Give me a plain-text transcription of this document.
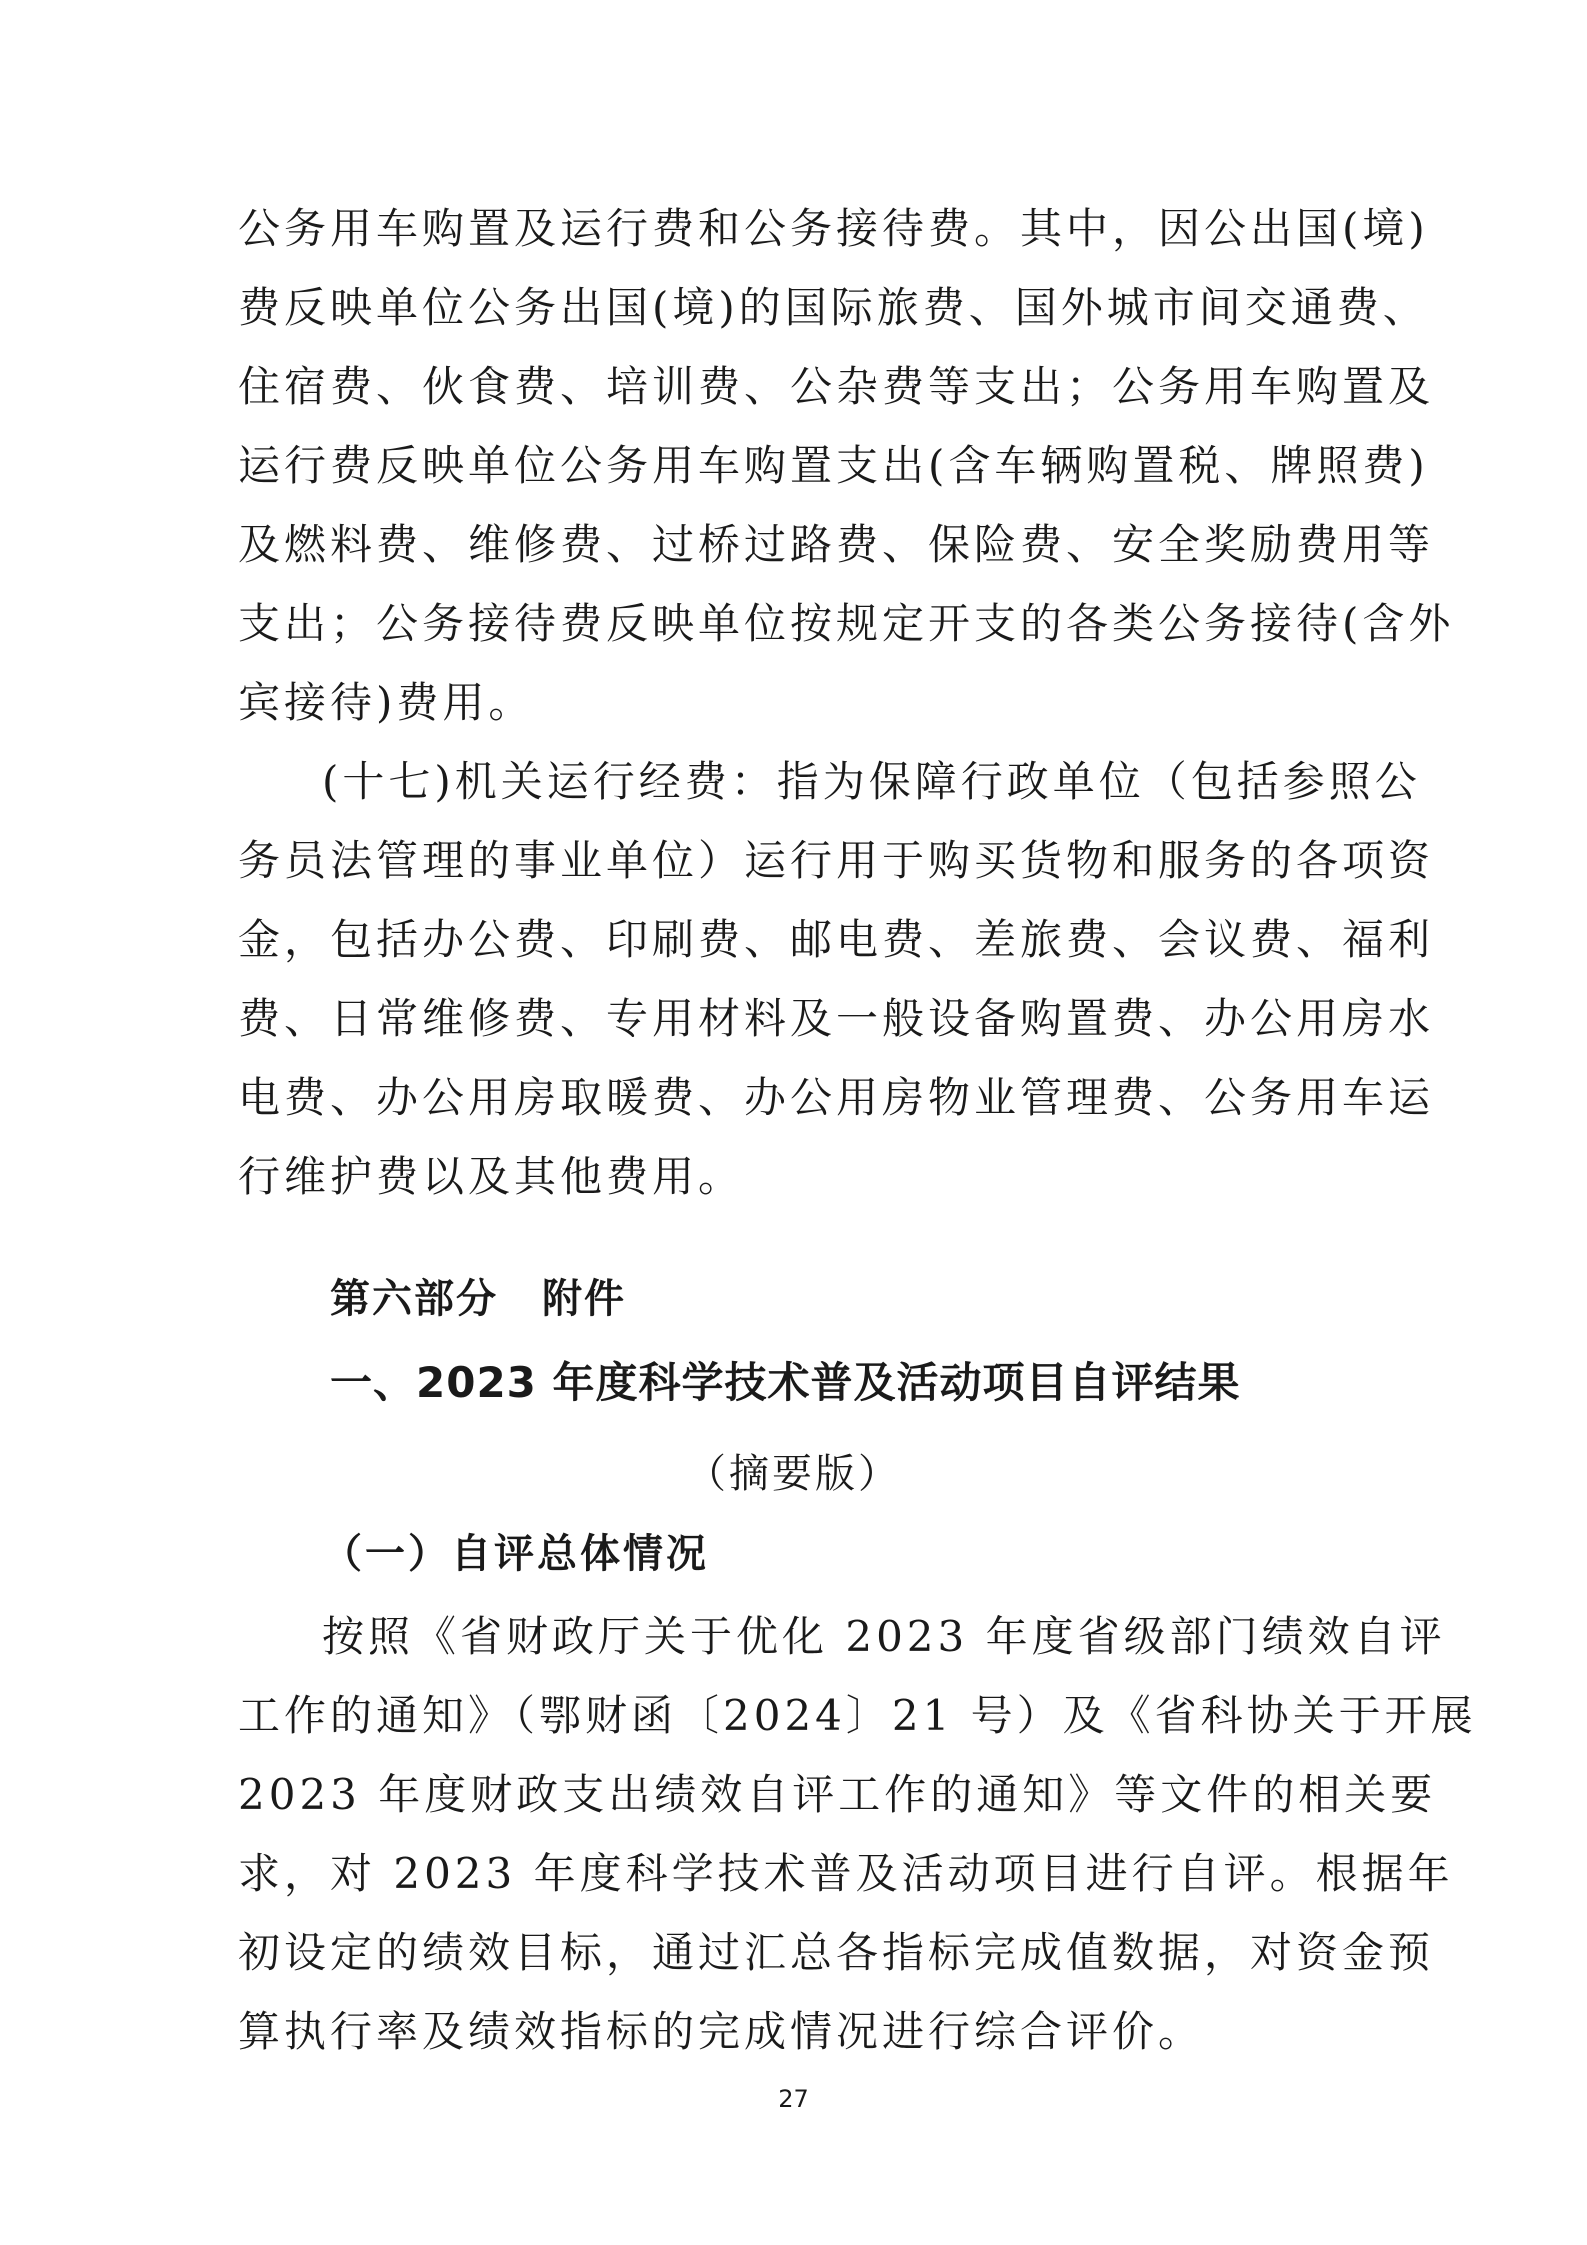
公务用车购置及运行费和公务接待费。其中，因公出国(境)
费反映单位公务出国(境)的国际旅费、国外城市间交通费、
住宿费、伙食费、培训费、公杂费等支出；公务用车购置及
运行费反映单位公务用车购置支出(含车辆购置税、牌照费)
及燃料费、维修费、过桥过路费、保险费、安全奖励费用等
支出；公务接待费反映单位按规定开支的各类公务接待(含外
宾接待)费用。
(十七)机关运行经费：指为保障行政单位（包括参照公
务员法管理的事业单位）运行用于购买货物和服务的各项资
金，包括办公费、印刷费、邮电费、差旅费、会议费、福利
费、日常维修费、专用材料及一般设备购置费、办公用房水
电费、办公用房取暖费、办公用房物业管理费、公务用车运
行维护费以及其他费用。
第六部分 附件
一、2023 年度科学技术普及活动项目自评结果
（摘要版）
（一）自评总体情况
按照《省财政厅关于优化 2023 年度省级部门绩效自评
工作的通知》（鄂财函〔2024〕21 号）及《省科协关于开展
2023 年度财政支出绩效自评工作的通知》等文件的相关要
求，对 2023 年度科学技术普及活动项目进行自评。根据年
初设定的绩效目标，通过汇总各指标完成值数据，对资金预
算执行率及绩效指标的完成情况进行综合评价。
27
